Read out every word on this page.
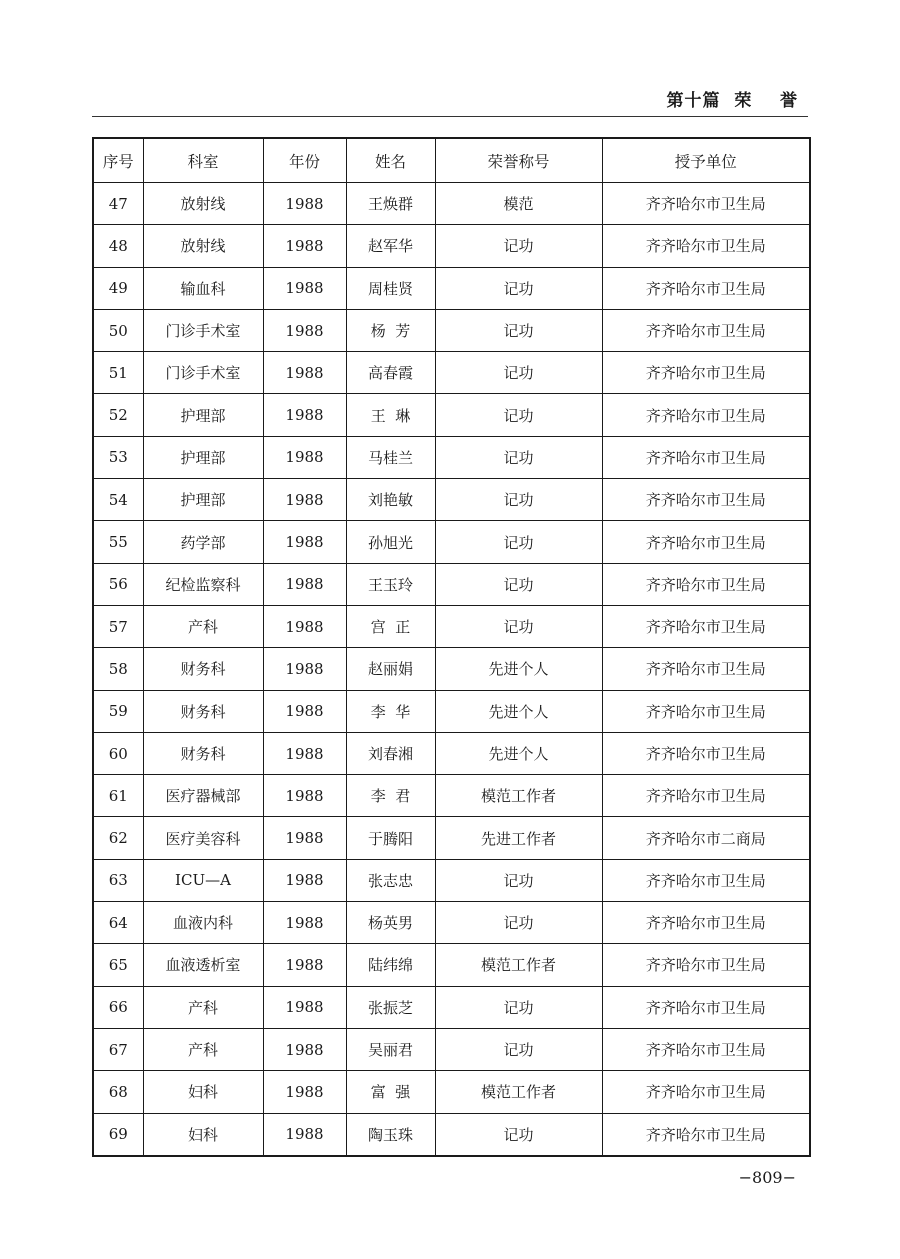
第十篇  荣    誉
序号	科室	年份	姓名	荣誉称号	授予单位
47	放射线	1988	王焕群	模范	齐齐哈尔市卫生局
48	放射线	1988	赵军华	记功	齐齐哈尔市卫生局
49	输血科	1988	周桂贤	记功	齐齐哈尔市卫生局
50	门诊手术室	1988	杨  芳	记功	齐齐哈尔市卫生局
51	门诊手术室	1988	高春霞	记功	齐齐哈尔市卫生局
52	护理部	1988	王  琳	记功	齐齐哈尔市卫生局
53	护理部	1988	马桂兰	记功	齐齐哈尔市卫生局
54	护理部	1988	刘艳敏	记功	齐齐哈尔市卫生局
55	药学部	1988	孙旭光	记功	齐齐哈尔市卫生局
56	纪检监察科	1988	王玉玲	记功	齐齐哈尔市卫生局
57	产科	1988	宫  正	记功	齐齐哈尔市卫生局
58	财务科	1988	赵丽娟	先进个人	齐齐哈尔市卫生局
59	财务科	1988	李  华	先进个人	齐齐哈尔市卫生局
60	财务科	1988	刘春湘	先进个人	齐齐哈尔市卫生局
61	医疗器械部	1988	李  君	模范工作者	齐齐哈尔市卫生局
62	医疗美容科	1988	于腾阳	先进工作者	齐齐哈尔市二商局
63	ICU—A	1988	张志忠	记功	齐齐哈尔市卫生局
64	血液内科	1988	杨英男	记功	齐齐哈尔市卫生局
65	血液透析室	1988	陆纬绵	模范工作者	齐齐哈尔市卫生局
66	产科	1988	张振芝	记功	齐齐哈尔市卫生局
67	产科	1988	吴丽君	记功	齐齐哈尔市卫生局
68	妇科	1988	富  强	模范工作者	齐齐哈尔市卫生局
69	妇科	1988	陶玉珠	记功	齐齐哈尔市卫生局
−809−
